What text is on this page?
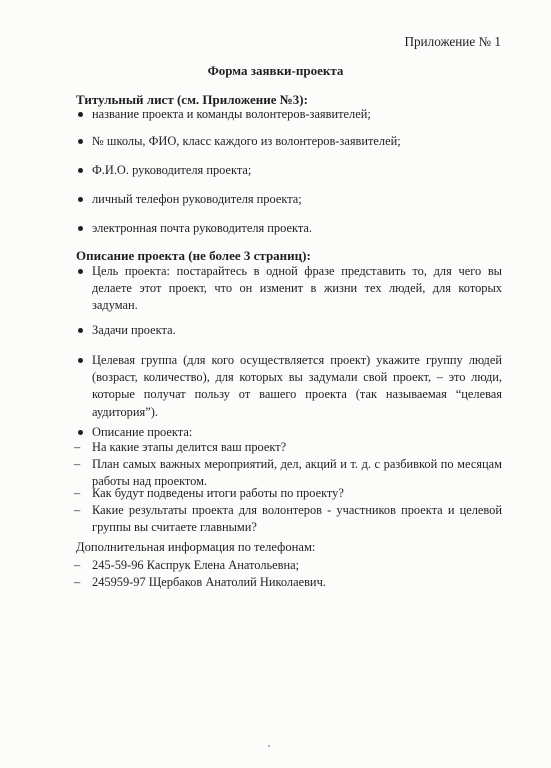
Приложение № 1
Форма заявки-проекта
Титульный лист (см. Приложение №3):
название проекта и команды волонтеров-заявителей;
№ школы, ФИО, класс каждого из волонтеров-заявителей;
Ф.И.О. руководителя проекта;
личный телефон руководителя проекта;
электронная почта руководителя проекта.
Описание проекта (не более 3 страниц):
Цель проекта: постарайтесь в одной фразе представить то, для чего вы делаете этот проект, что он изменит в жизни тех людей, для которых задуман.
Задачи проекта.
Целевая группа (для кого осуществляется проект) укажите группу людей (возраст, количество), для которых вы задумали свой проект, – это люди, которые получат пользу от вашего проекта (так называемая “целевая аудитория”).
Описание проекта:
– На какие этапы делится ваш проект?
– План самых важных мероприятий, дел, акций и т. д. с разбивкой по месяцам работы над проектом.
– Как будут подведены итоги работы по проекту?
– Какие результаты проекта для волонтеров - участников проекта и целевой группы вы считаете главными?
Дополнительная информация по телефонам:
– 245-59-96 Каспрук Елена Анатольевна;
– 245959-97 Щербаков Анатолий Николаевич.
